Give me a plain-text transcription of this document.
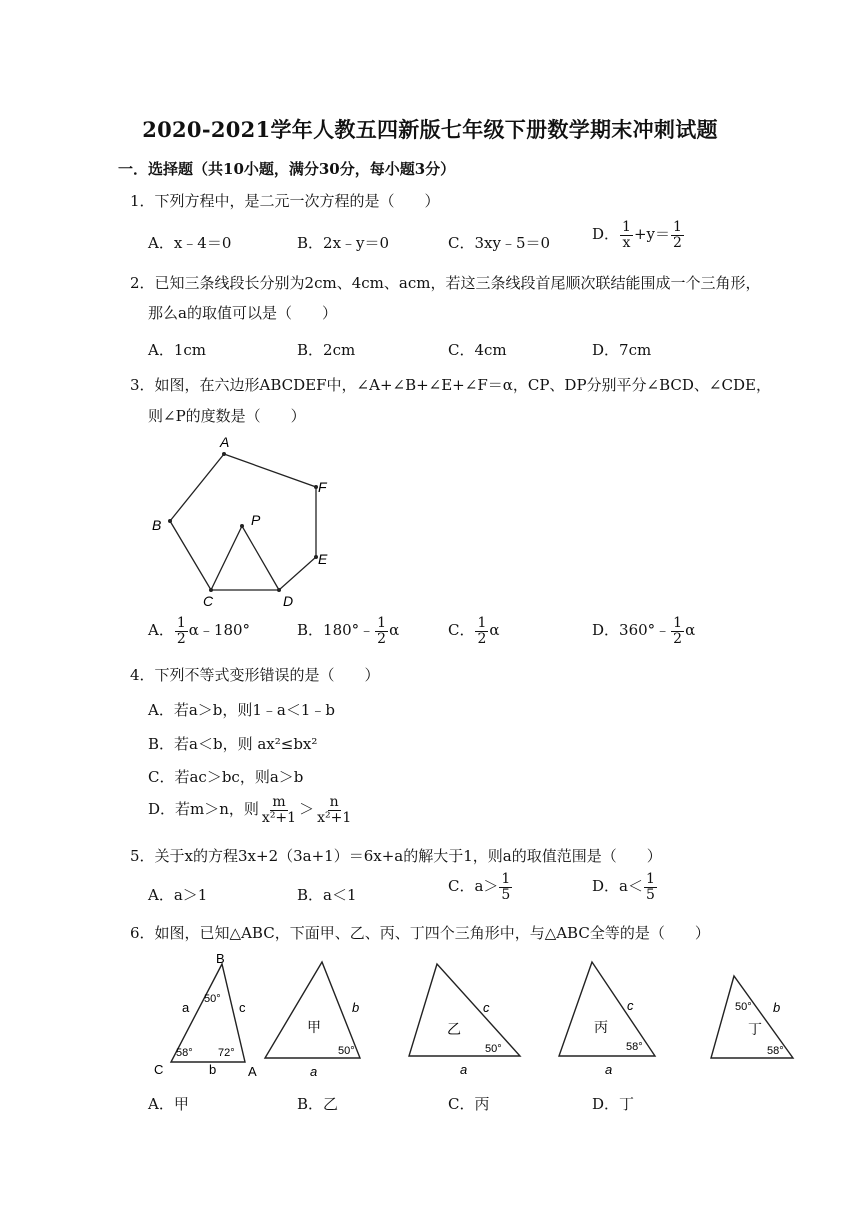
2020-2021学年人教五四新版七年级下册数学期末冲刺试题
一．选择题（共10小题，满分30分，每小题3分）
1．下列方程中，是二元一次方程的是（　　）
A．x﹣4＝0	B．2x﹣y＝0	C．3xy﹣5＝0	D． $\frac{1}{x} +y= \frac{1}{2}$
2．已知三条线段长分别为2cm、4cm、acm，若这三条线段首尾顺次联结能围成一个三角形，
那么a的取值可以是（　　）
A．1cm	B．2cm	C．4cm	D．7cm
3．如图，在六边形ABCDEF中，∠A+∠B+∠E+∠F＝α，CP、DP分别平分∠BCD、∠CDE，
则∠P的度数是（　　）
A
F
E
D
C
B	P
A． $\frac{1}{2}$ α﹣180°	B．180°﹣ $\frac{1}{2}$ α	C． $\frac{1}{2}$ α	D．360°﹣ $\frac{1}{2}$ α
4．下列不等式变形错误的是（　　）
A．若a＞b，则1﹣a＜1﹣b
B．若a＜b，则 ax²≤bx²
C．若ac＞bc，则a＞b
D．若m＞n，则 $\frac{m}{\text{x²+1}} > \frac{n}{\text{x²+1}}$
5．关于x的方程3x+2（3a+1）＝6x+a的解大于1，则a的取值范围是（　　）
A．a＞1	B．a＜1	C．$a> \frac{1}{5}$	D．$a< \frac{1}{5}$
6．如图，已知△ABC，下面甲、乙、丙、丁四个三角形中，与△ABC全等的是（　　）
B
C	A
a	c
b
50°
58° 72°
甲
b
a
50°
乙
c
a
50°
丙
c
a
58°
50°
丁
b
58°
A．甲	B．乙	C．丙	D．丁
